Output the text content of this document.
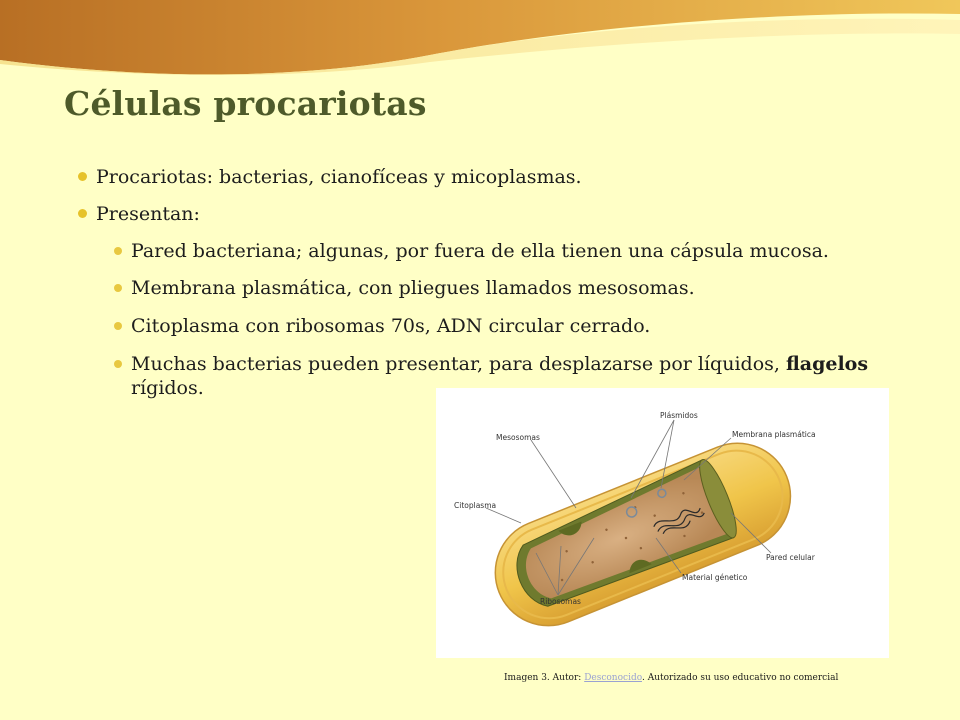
Células procariotas
Procariotas: bacterias, cianofíceas y micoplasmas.
Presentan:
Pared bacteriana; algunas, por fuera de ella tienen una cápsula mucosa.
Membrana plasmática, con pliegues llamados mesosomas.
Citoplasma con ribosomas 70s, ADN circular cerrado.
Muchas bacterias pueden presentar, para desplazarse por líquidos, flagelos rígidos.
Mesosomas
Plásmidos
Membrana plasmática
Citoplasma
Pared celular
Material génetico
Ribosomas
Imagen 3. Autor: Desconocido. Autorizado su uso educativo no comercial
